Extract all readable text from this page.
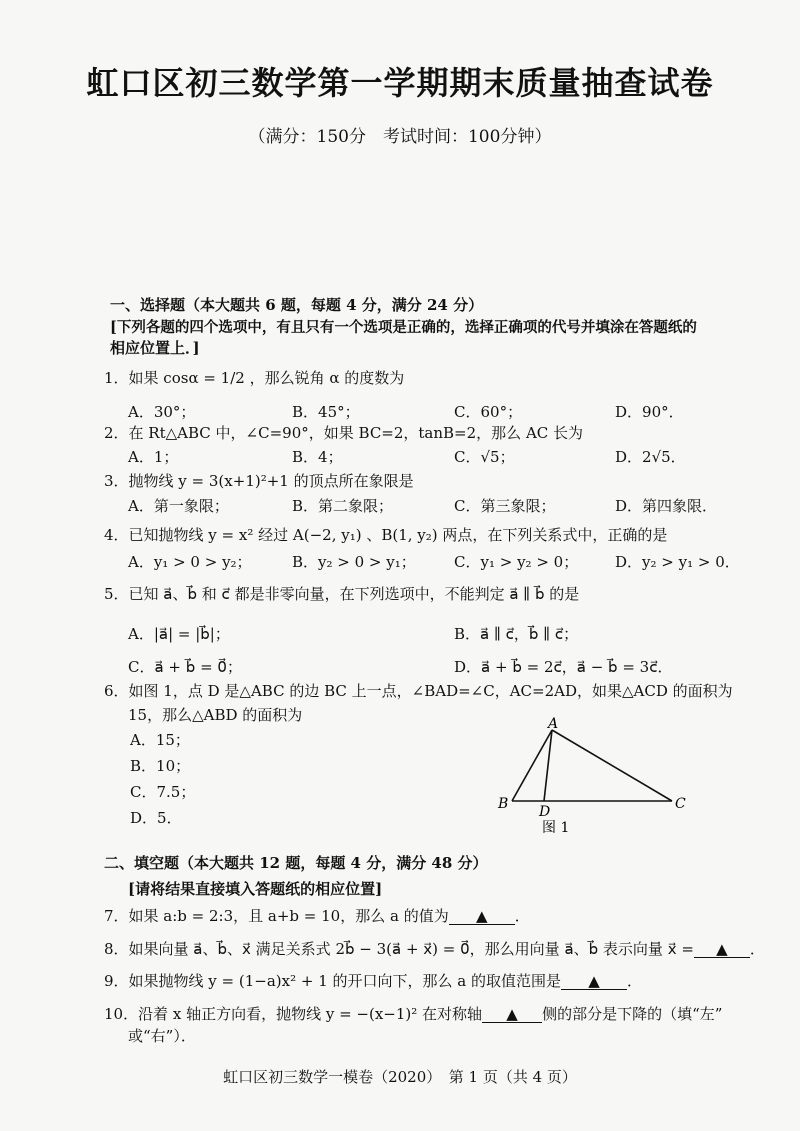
虹口区初三数学第一学期期末质量抽查试卷
（满分：150分　考试时间：100分钟）
一、选择题（本大题共 6 题，每题 4 分，满分 24 分）
[下列各题的四个选项中，有且只有一个选项是正确的，选择正确项的代号并填涂在答题纸的
相应位置上．]
1．如果 cosα = 1/2 ，那么锐角 α 的度数为
A．30°；	B．45°；	C．60°；	D．90°．
2．在 Rt△ABC 中，∠C=90°，如果 BC=2，tanB=2，那么 AC 长为
A．1；	B．4；	C．√5；	D．2√5．
3．抛物线 y = 3(x+1)²+1 的顶点所在象限是
A．第一象限；	B．第二象限；	C．第三象限；	D．第四象限．
4．已知抛物线 y = x² 经过 A(−2, y₁) 、B(1, y₂) 两点，在下列关系式中，正确的是
A．y₁ > 0 > y₂；	B．y₂ > 0 > y₁；	C．y₁ > y₂ > 0； D．y₂ > y₁ > 0．
5．已知 a⃗、b⃗ 和 c⃗ 都是非零向量，在下列选项中，不能判定 a⃗ ∥ b⃗ 的是
A．|a⃗| = |b⃗|；	B．a⃗ ∥ c⃗，b⃗ ∥ c⃗；
C．a⃗ + b⃗ = 0⃗；	D．a⃗ + b⃗ = 2c⃗，a⃗ − b⃗ = 3c⃗．
6．如图 1，点 D 是△ABC 的边 BC 上一点，∠BAD=∠C，AC=2AD，如果△ACD 的面积为
15，那么△ABD 的面积为
A．15；
B．10；
C．7.5；
D．5．
A
B D	C
图 1
二、填空题（本大题共 12 题，每题 4 分，满分 48 分）
[请将结果直接填入答题纸的相应位置]
7．如果 a:b = 2:3，且 a+b = 10，那么 a 的值为 ▲ ．
8．如果向量 a⃗、b⃗、x⃗ 满足关系式 2b⃗ − 3(a⃗ + x⃗) = 0⃗，那么用向量 a⃗、b⃗ 表示向量 x⃗ = ▲ ．
9．如果抛物线 y = (1−a)x² + 1 的开口向下，那么 a 的取值范围是 ▲ ．
10．沿着 x 轴正方向看，抛物线 y = −(x−1)² 在对称轴 ▲ 侧的部分是下降的（填“左”
或“右”）．
虹口区初三数学一模卷（2020）　第 1 页（共 4 页）
